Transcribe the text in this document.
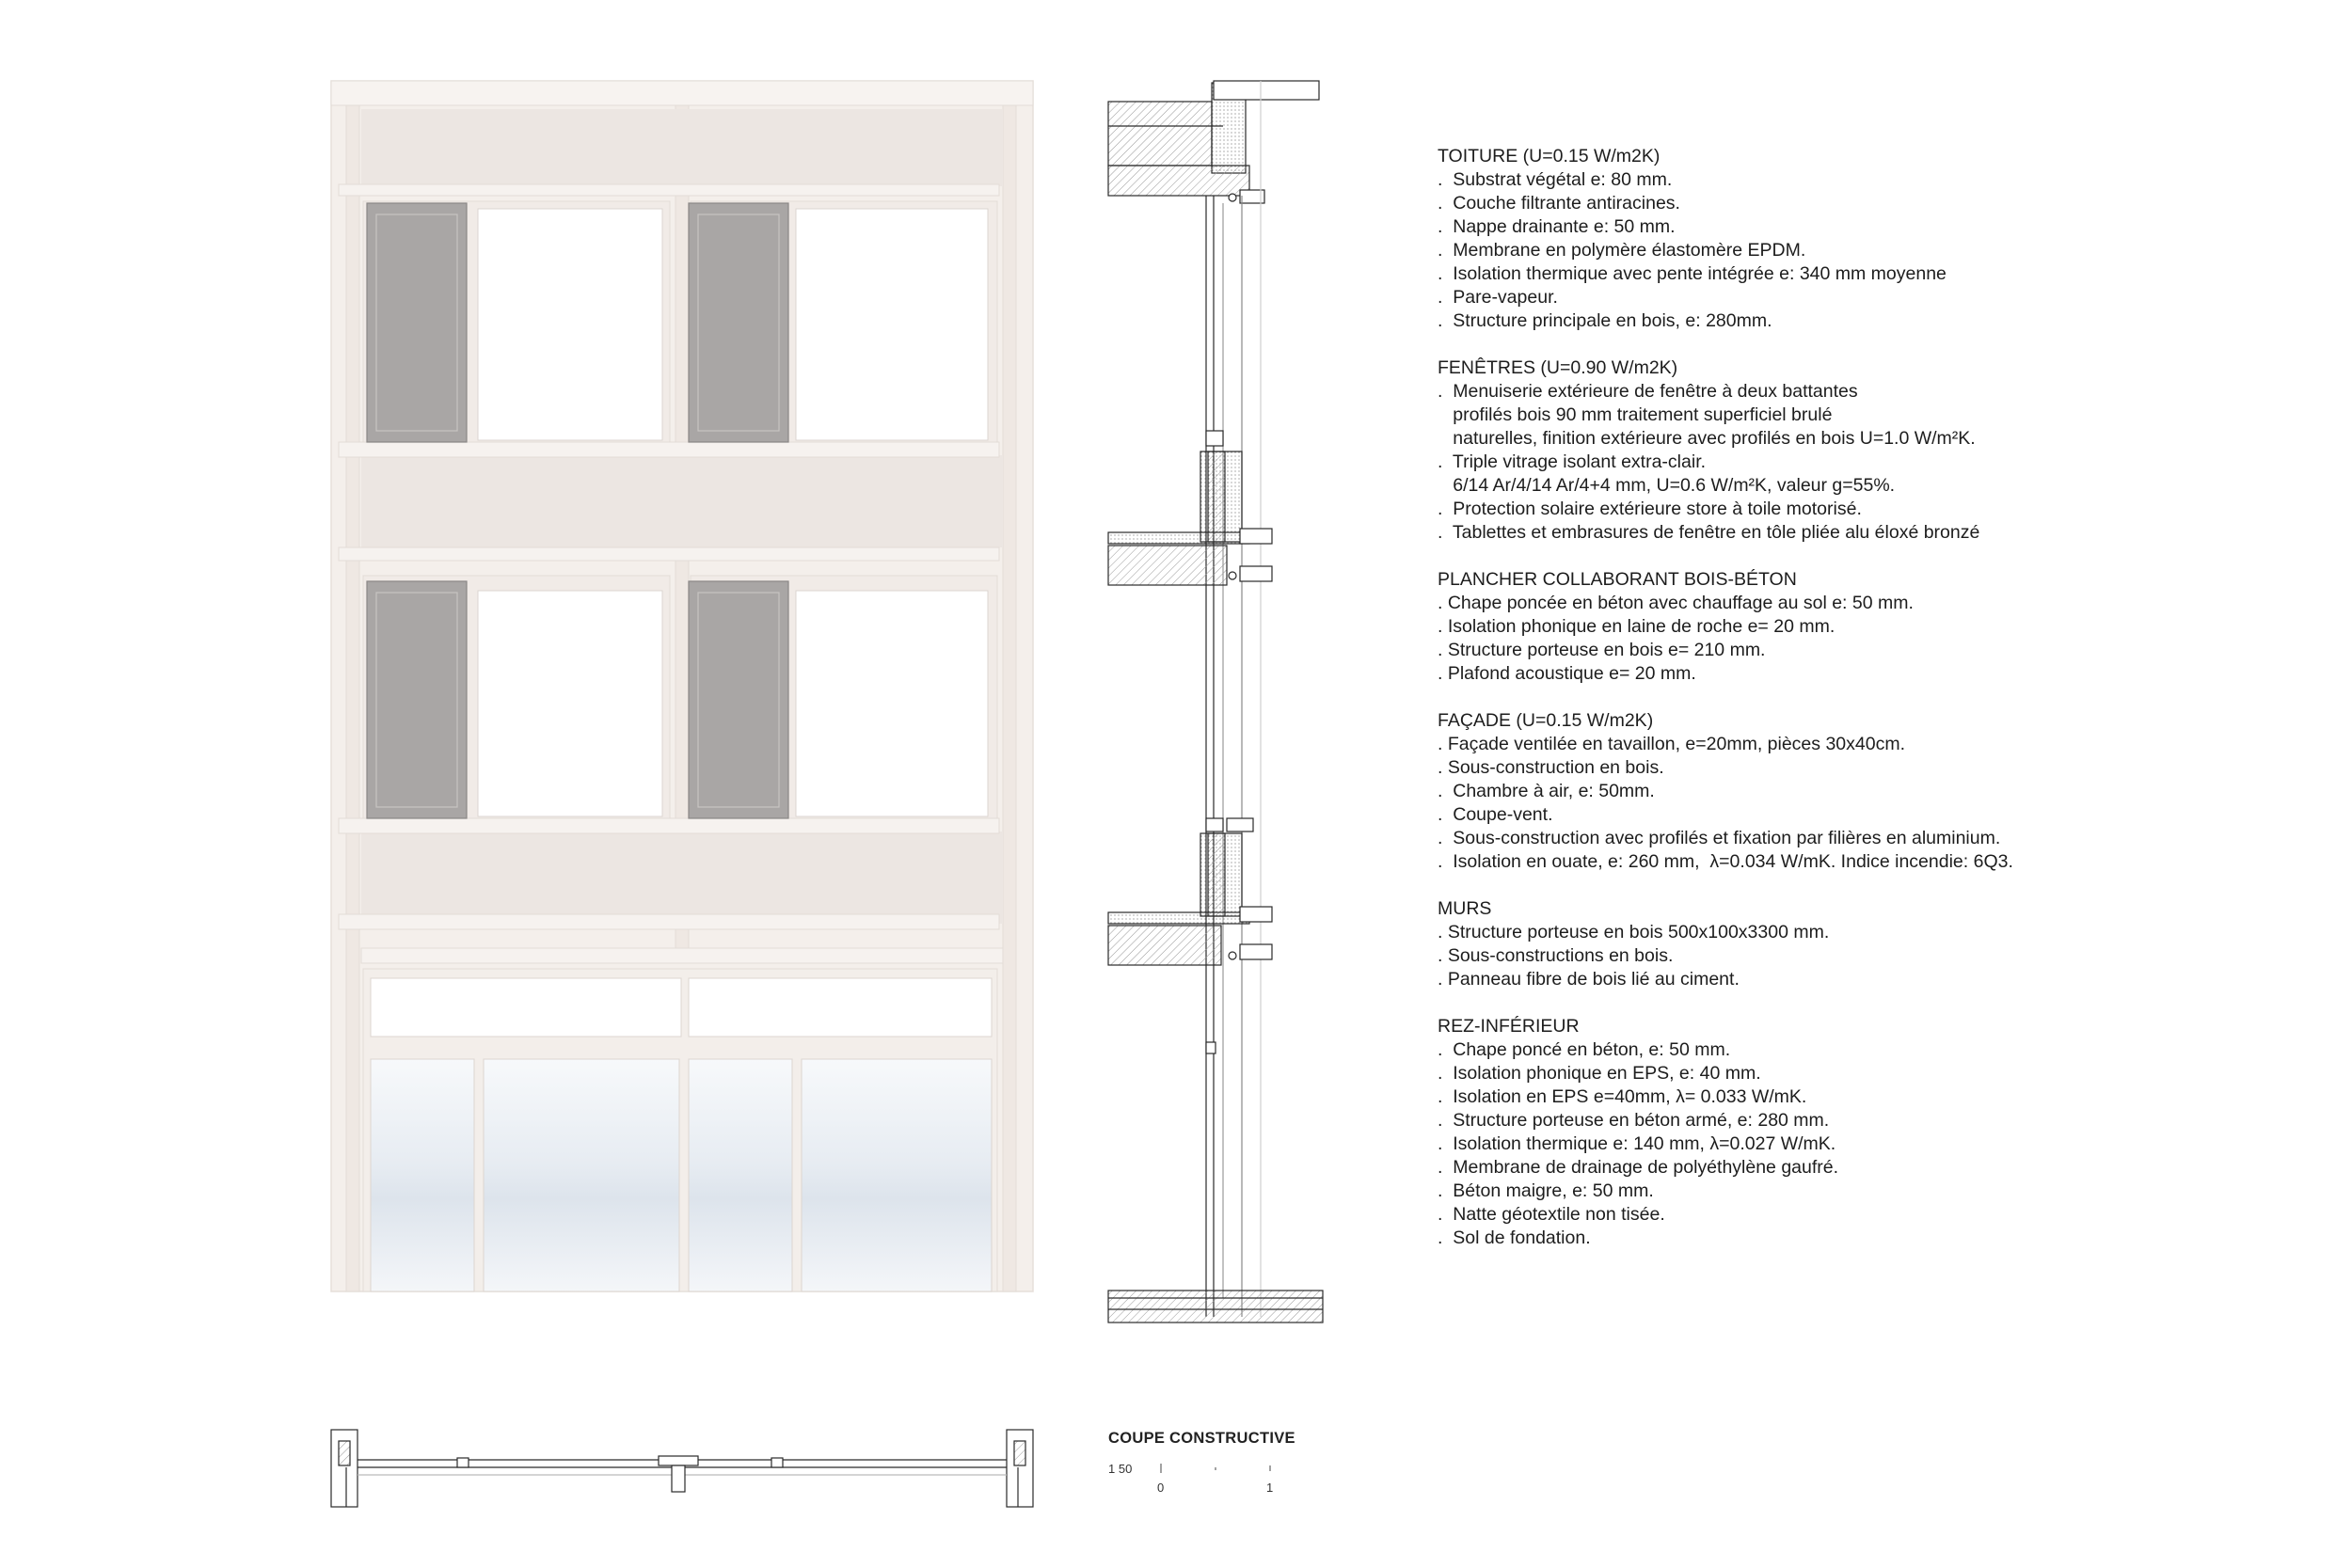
TOITURE (U=0.15 W/m2K)
.  Substrat végétal e: 80 mm.
.  Couche filtrante antiracines.
.  Nappe drainante e: 50 mm.
.  Membrane en polymère élastomère EPDM.
.  Isolation thermique avec pente intégrée e: 340 mm moyenne
.  Pare-vapeur.
.  Structure principale en bois, e: 280mm.
FENÊTRES (U=0.90 W/m2K)
.  Menuiserie extérieure de fenêtre à deux battantes
profilés bois 90 mm traitement superficiel brulé
naturelles, finition extérieure avec profilés en bois U=1.0 W/m²K.
.  Triple vitrage isolant extra-clair.
6/14 Ar/4/14 Ar/4+4 mm, U=0.6 W/m²K, valeur g=55%.
.  Protection solaire extérieure store à toile motorisé.
.  Tablettes et embrasures de fenêtre en tôle pliée alu éloxé bronzé
PLANCHER COLLABORANT BOIS-BÉTON
. Chape poncée en béton avec chauffage au sol e: 50 mm.
. Isolation phonique en laine de roche e= 20 mm.
. Structure porteuse en bois e= 210 mm.
. Plafond acoustique e= 20 mm.
FAÇADE (U=0.15 W/m2K)
. Façade ventilée en tavaillon, e=20mm, pièces 30x40cm.
. Sous-construction en bois.
.  Chambre à air, e: 50mm.
.  Coupe-vent.
.  Sous-construction avec profilés et fixation par filières en aluminium.
.  Isolation en ouate, e: 260 mm,  λ=0.034 W/mK. Indice incendie: 6Q3.
MURS
. Structure porteuse en bois 500x100x3300 mm.
. Sous-constructions en bois.
. Panneau fibre de bois lié au ciment.
REZ-INFÉRIEUR
.  Chape poncé en béton, e: 50 mm.
.  Isolation phonique en EPS, e: 40 mm.
.  Isolation en EPS e=40mm, λ= 0.033 W/mK.
.  Structure porteuse en béton armé, e: 280 mm.
.  Isolation thermique e: 140 mm, λ=0.027 W/mK.
.  Membrane de drainage de polyéthylène gaufré.
.  Béton maigre, e: 50 mm.
.  Natte géotextile non tisée.
.  Sol de fondation.
COUPE CONSTRUCTIVE
1 50
0	1
